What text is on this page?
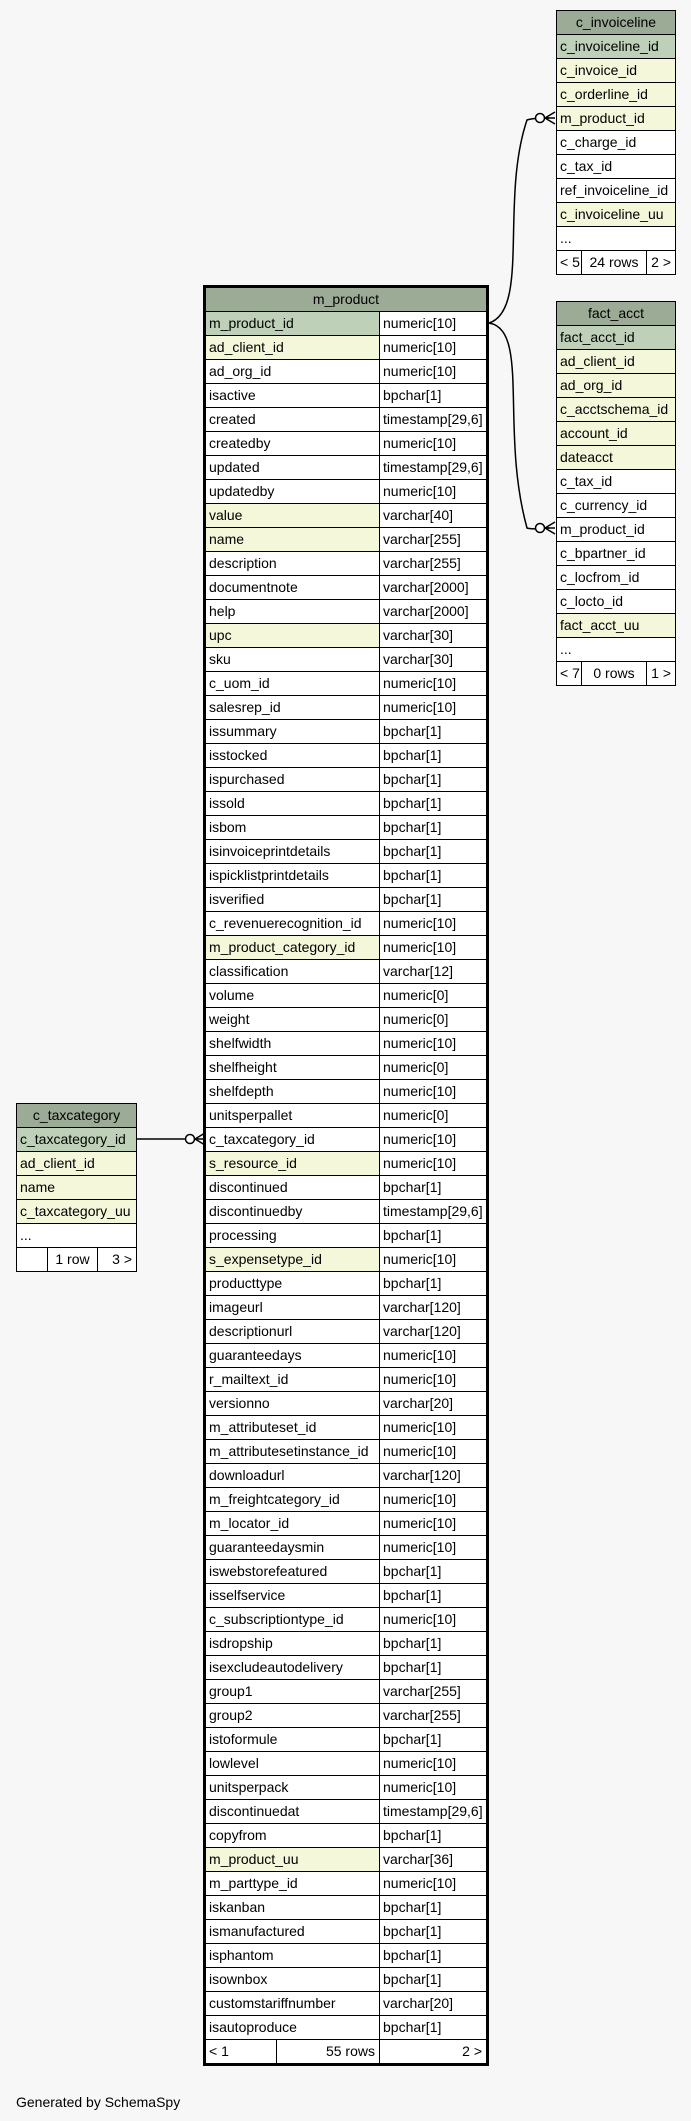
m_product
m_product_id	numeric[10]
ad_client_id	numeric[10]
ad_org_id	numeric[10]
isactive	bpchar[1]
created	timestamp[29,6]
createdby	numeric[10]
updated	timestamp[29,6]
updatedby	numeric[10]
value	varchar[40]
name	varchar[255]
description	varchar[255]
documentnote	varchar[2000]
help	varchar[2000]
upc	varchar[30]
sku	varchar[30]
c_uom_id	numeric[10]
salesrep_id	numeric[10]
issummary	bpchar[1]
isstocked	bpchar[1]
ispurchased	bpchar[1]
issold	bpchar[1]
isbom	bpchar[1]
isinvoiceprintdetails	bpchar[1]
ispicklistprintdetails	bpchar[1]
isverified	bpchar[1]
c_revenuerecognition_id	numeric[10]
m_product_category_id	numeric[10]
classification	varchar[12]
volume	numeric[0]
weight	numeric[0]
shelfwidth	numeric[10]
shelfheight	numeric[0]
shelfdepth	numeric[10]
unitsperpallet	numeric[0]
c_taxcategory_id	numeric[10]
s_resource_id	numeric[10]
discontinued	bpchar[1]
discontinuedby	timestamp[29,6]
processing	bpchar[1]
s_expensetype_id	numeric[10]
producttype	bpchar[1]
imageurl	varchar[120]
descriptionurl	varchar[120]
guaranteedays	numeric[10]
r_mailtext_id	numeric[10]
versionno	varchar[20]
m_attributeset_id	numeric[10]
m_attributesetinstance_id	numeric[10]
downloadurl	varchar[120]
m_freightcategory_id	numeric[10]
m_locator_id	numeric[10]
guaranteedaysmin	numeric[10]
iswebstorefeatured	bpchar[1]
isselfservice	bpchar[1]
c_subscriptiontype_id	numeric[10]
isdropship	bpchar[1]
isexcludeautodelivery	bpchar[1]
group1	varchar[255]
group2	varchar[255]
istoformule	bpchar[1]
lowlevel	numeric[10]
unitsperpack	numeric[10]
discontinuedat	timestamp[29,6]
copyfrom	bpchar[1]
m_product_uu	varchar[36]
m_parttype_id	numeric[10]
iskanban	bpchar[1]
ismanufactured	bpchar[1]
isphantom	bpchar[1]
isownbox	bpchar[1]
customstariffnumber	varchar[20]
isautoproduce	bpchar[1]
< 1	55 rows	2 >
c_invoiceline
c_invoiceline_id
c_invoice_id
c_orderline_id
m_product_id
c_charge_id
c_tax_id
ref_invoiceline_id
c_invoiceline_uu
...
< 5 24 rows 2 >
fact_acct
fact_acct_id
ad_client_id
ad_org_id
c_acctschema_id
account_id
dateacct
c_tax_id
c_currency_id
m_product_id
c_bpartner_id
c_locfrom_id
c_locto_id
fact_acct_uu
...
< 7 0 rows	1 >
c_taxcategory
c_taxcategory_id
ad_client_id
name
c_taxcategory_uu
...
1 row	3 >
Generated by SchemaSpy
